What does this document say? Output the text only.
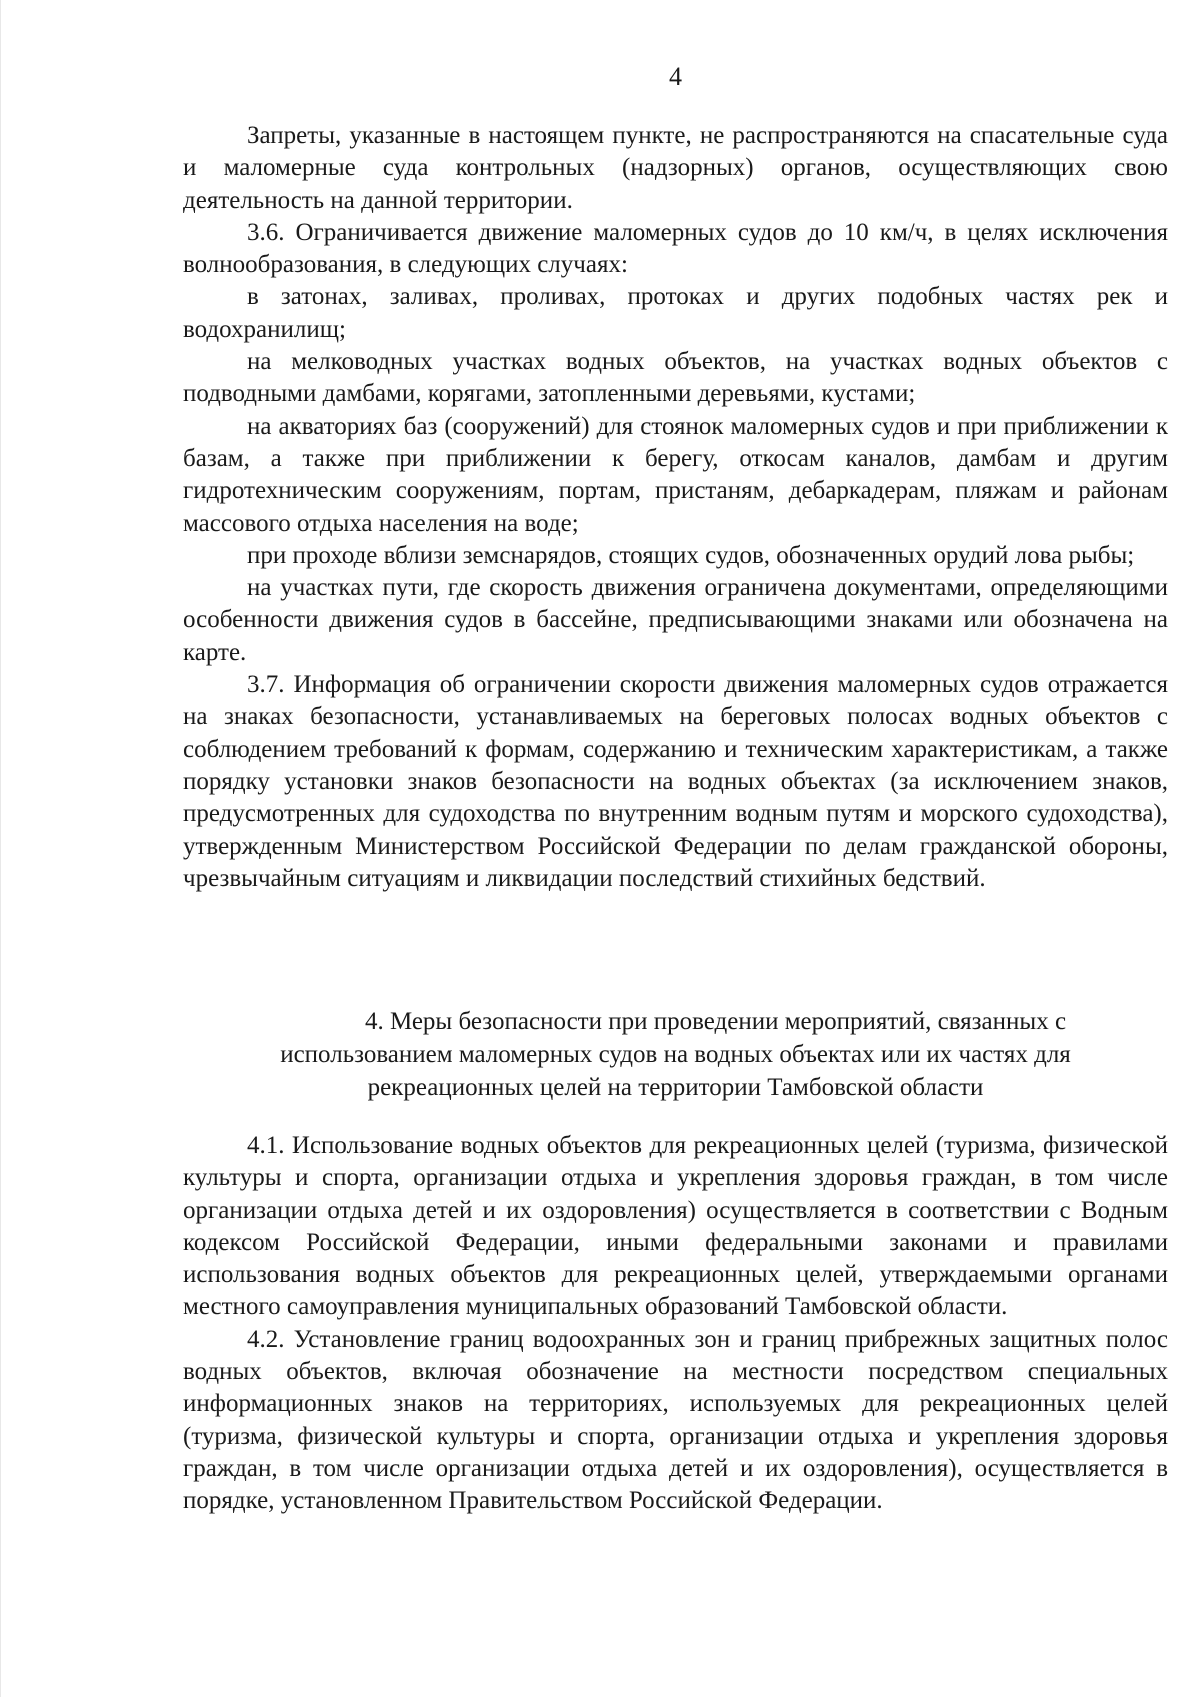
4

Запреты, указанные в настоящем пункте, не распространяются на спасательные суда и маломерные суда контрольных (надзорных) органов, осуществляющих свою деятельность на данной территории.

3.6. Ограничивается движение маломерных судов до 10 км/ч, в целях исключения волнообразования, в следующих случаях:

в затонах, заливах, проливах, протоках и других подобных частях рек и водохранилищ;

на мелководных участках водных объектов, на участках водных объектов с подводными дамбами, корягами, затопленными деревьями, кустами;

на акваториях баз (сооружений) для стоянок маломерных судов и при приближении к базам, а также при приближении к берегу, откосам каналов, дамбам и другим гидротехническим сооружениям, портам, пристаням, дебаркадерам, пляжам и районам массового отдыха населения на воде;

при проходе вблизи земснарядов, стоящих судов, обозначенных орудий лова рыбы;

на участках пути, где скорость движения ограничена документами, определяющими особенности движения судов в бассейне, предписывающими знаками или обозначена на карте.

3.7. Информация об ограничении скорости движения маломерных судов отражается на знаках безопасности, устанавливаемых на береговых полосах водных объектов с соблюдением требований к формам, содержанию и техническим характеристикам, а также порядку установки знаков безопасности на водных объектах (за исключением знаков, предусмотренных для судоходства по внутренним водным путям и морского судоходства), утвержденным Министерством Российской Федерации по делам гражданской обороны, чрезвычайным ситуациям и ликвидации последствий стихийных бедствий.

4. Меры безопасности при проведении мероприятий, связанных с
использованием маломерных судов на водных объектах или их частях для
рекреационных целей на территории Тамбовской области

4.1. Использование водных объектов для рекреационных целей (туризма, физической культуры и спорта, организации отдыха и укрепления здоровья граждан, в том числе организации отдыха детей и их оздоровления) осуществляется в соответствии с Водным кодексом Российской Федерации, иными федеральными законами и правилами использования водных объектов для рекреационных целей, утверждаемыми органами местного самоуправления муниципальных образований Тамбовской области.

4.2. Установление границ водоохранных зон и границ прибрежных защитных полос водных объектов, включая обозначение на местности посредством специальных информационных знаков на территориях, используемых для рекреационных целей (туризма, физической культуры и спорта, организации отдыха и укрепления здоровья граждан, в том числе организации отдыха детей и их оздоровления), осуществляется в порядке, установленном Правительством Российской Федерации.
